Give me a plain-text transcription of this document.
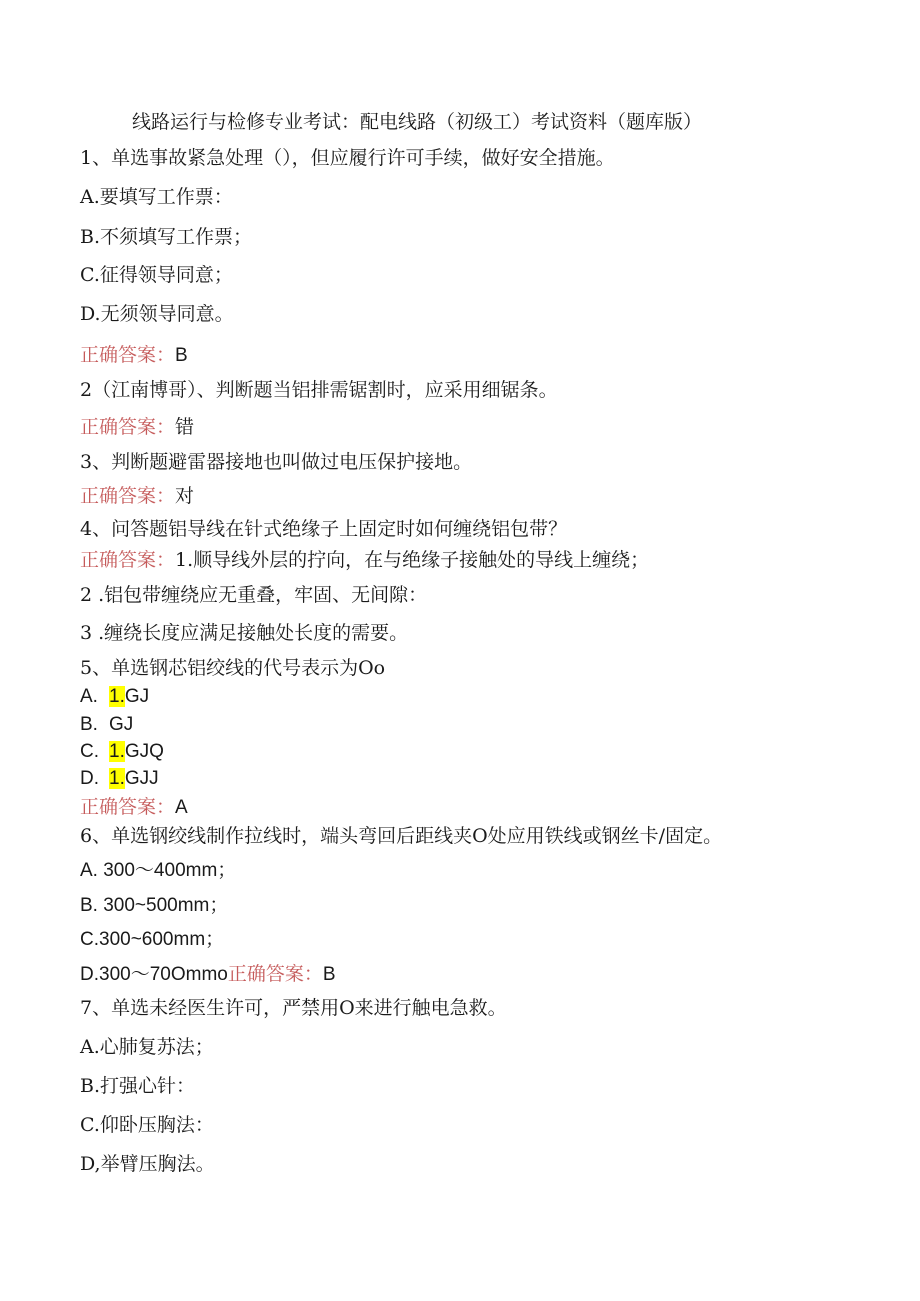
线路运行与检修专业考试：配电线路（初级工）考试资料（题库版）
1、单选事故紧急处理（），但应履行许可手续，做好安全措施。
A.要填写工作票：
B.不须填写工作票；
C.征得领导同意；
D.无须领导同意。
正确答案：B
2（江南博哥）、判断题当铝排需锯割时，应采用细锯条。
正确答案：错
3、判断题避雷器接地也叫做过电压保护接地。
正确答案：对
4、问答题铝导线在针式绝缘子上固定时如何缠绕铝包带？
正确答案：1.顺导线外层的拧向，在与绝缘子接触处的导线上缠绕；
2 .铝包带缠绕应无重叠，牢固、无间隙：
3 .缠绕长度应满足接触处长度的需要。
5、单选钢芯铝绞线的代号表示为Oo
A. 1.GJ
B. GJ
C. 1.GJQ
D. 1.GJJ
正确答案：A
6、单选钢绞线制作拉线时，端头弯回后距线夹O处应用铁线或钢丝卡/固定。
A. 300～400mm；
B. 300~500mm；
C.300~600mm；
D.300～70Ommo正确答案：B
7、单选未经医生许可，严禁用O来进行触电急救。
A.心肺复苏法；
B.打强心针：
C.仰卧压胸法：
D,举臂压胸法。
